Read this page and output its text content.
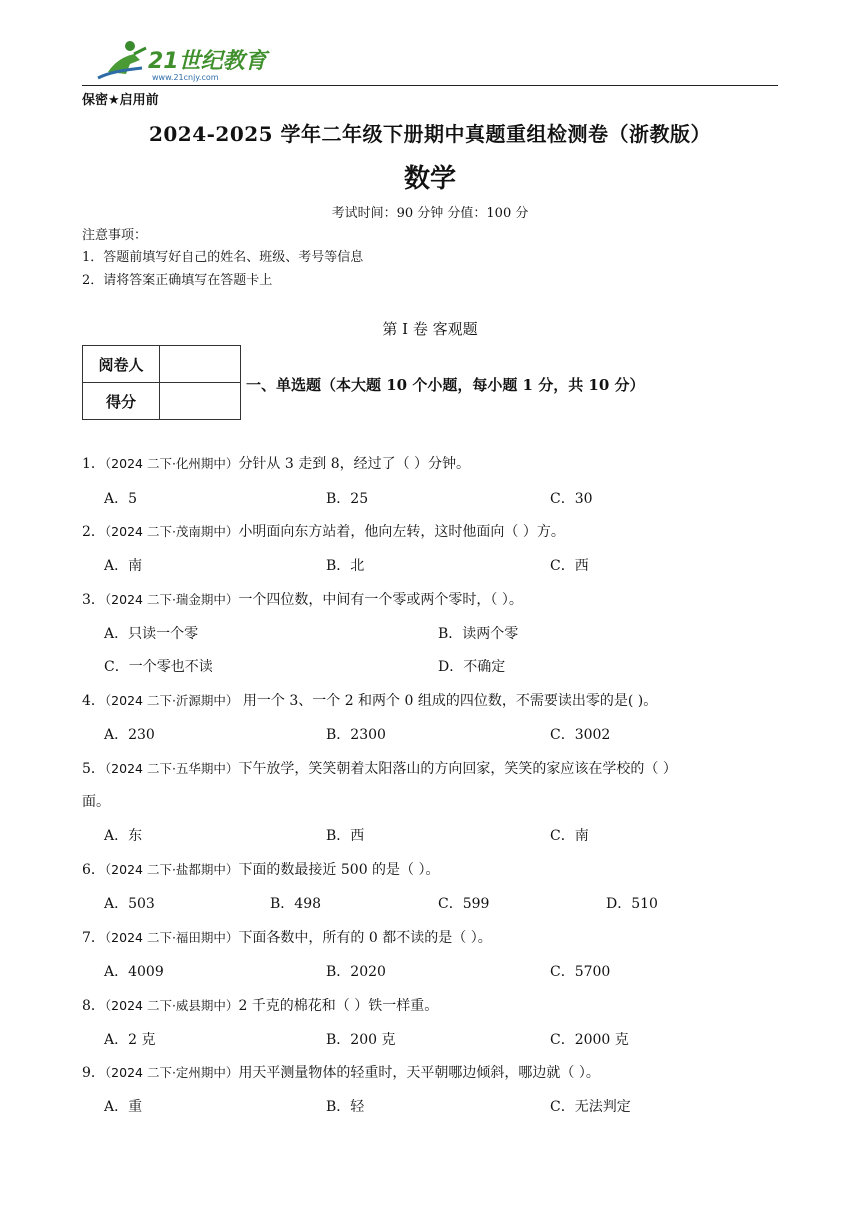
21世纪教育
www.21cnjy.com
保密★启用前
2024-2025 学年二年级下册期中真题重组检测卷（浙教版）
数学
考试时间：90 分钟 分值：100 分
注意事项：
1．答题前填写好自己的姓名、班级、考号等信息
2．请将答案正确填写在答题卡上
第 I 卷 客观题
阅卷人	
得分	
一、单选题（本大题 10 个小题，每小题 1 分，共 10 分）
1．（2024 二下·化州期中）分针从 3 走到 8，经过了（ ）分钟。
A．5	B．25	C．30
2．（2024 二下·茂南期中）小明面向东方站着，他向左转，这时他面向（ ）方。
A．南	B．北	C．西
3．（2024 二下·瑞金期中）一个四位数，中间有一个零或两个零时，（ ）。
A．只读一个零	B．读两个零
C．一个零也不读	D．不确定
4．（2024 二下·沂源期中） 用一个 3、一个 2 和两个 0 组成的四位数，不需要读出零的是( )。
A．230	B．2300	C．3002
5．（2024 二下·五华期中）下午放学，笑笑朝着太阳落山的方向回家，笑笑的家应该在学校的（ ）
面。
A．东	B．西	C．南
6．（2024 二下·盐都期中）下面的数最接近 500 的是（ ）。
A．503	B．498	C．599	D．510
7．（2024 二下·福田期中）下面各数中，所有的 0 都不读的是（ ）。
A．4009	B．2020	C．5700
8．（2024 二下·威县期中）2 千克的棉花和（ ）铁一样重。
A．2 克	B．200 克	C．2000 克
9．（2024 二下·定州期中）用天平测量物体的轻重时，天平朝哪边倾斜，哪边就（ ）。
A．重	B．轻	C．无法判定
